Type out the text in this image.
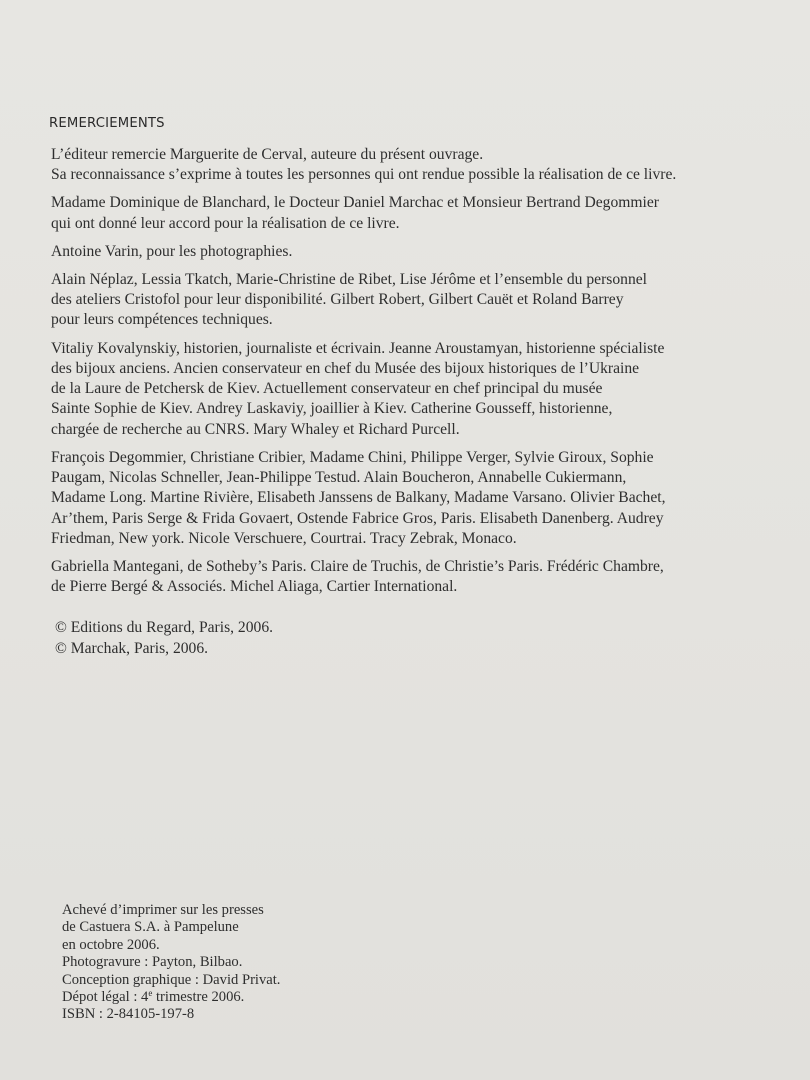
REMERCIEMENTS

L’éditeur remercie Marguerite de Cerval, auteure du présent ouvrage.
Sa reconnaissance s’exprime à toutes les personnes qui ont rendue possible la réalisation de ce livre.

Madame Dominique de Blanchard, le Docteur Daniel Marchac et Monsieur Bertrand Degommier
qui ont donné leur accord pour la réalisation de ce livre.

Antoine Varin, pour les photographies.

Alain Néplaz, Lessia Tkatch, Marie-Christine de Ribet, Lise Jérôme et l’ensemble du personnel
des ateliers Cristofol pour leur disponibilité. Gilbert Robert, Gilbert Cauët et Roland Barrey
pour leurs compétences techniques.

Vitaliy Kovalynskiy, historien, journaliste et écrivain. Jeanne Aroustamyan, historienne spécialiste
des bijoux anciens. Ancien conservateur en chef du Musée des bijoux historiques de l’Ukraine
de la Laure de Petchersk de Kiev. Actuellement conservateur en chef principal du musée
Sainte Sophie de Kiev. Andrey Laskaviy, joaillier à Kiev. Catherine Gousseff, historienne,
chargée de recherche au CNRS. Mary Whaley et Richard Purcell.

François Degommier, Christiane Cribier, Madame Chini, Philippe Verger, Sylvie Giroux, Sophie
Paugam, Nicolas Schneller, Jean-Philippe Testud. Alain Boucheron, Annabelle Cukiermann,
Madame Long. Martine Rivière, Elisabeth Janssens de Balkany, Madame Varsano. Olivier Bachet,
Ar’them, Paris Serge & Frida Govaert, Ostende Fabrice Gros, Paris. Elisabeth Danenberg. Audrey
Friedman, New york. Nicole Verschuere, Courtrai. Tracy Zebrak, Monaco.

Gabriella Mantegani, de Sotheby’s Paris. Claire de Truchis, de Christie’s Paris. Frédéric Chambre,
de Pierre Bergé & Associés. Michel Aliaga, Cartier International.

© Editions du Regard, Paris, 2006.
© Marchak, Paris, 2006.
Achevé d’imprimer sur les presses
de Castuera S.A. à Pampelune
en octobre 2006.
Photogravure : Payton, Bilbao.
Conception graphique : David Privat.
Dépot légal : 4e trimestre 2006.
ISBN : 2-84105-197-8
